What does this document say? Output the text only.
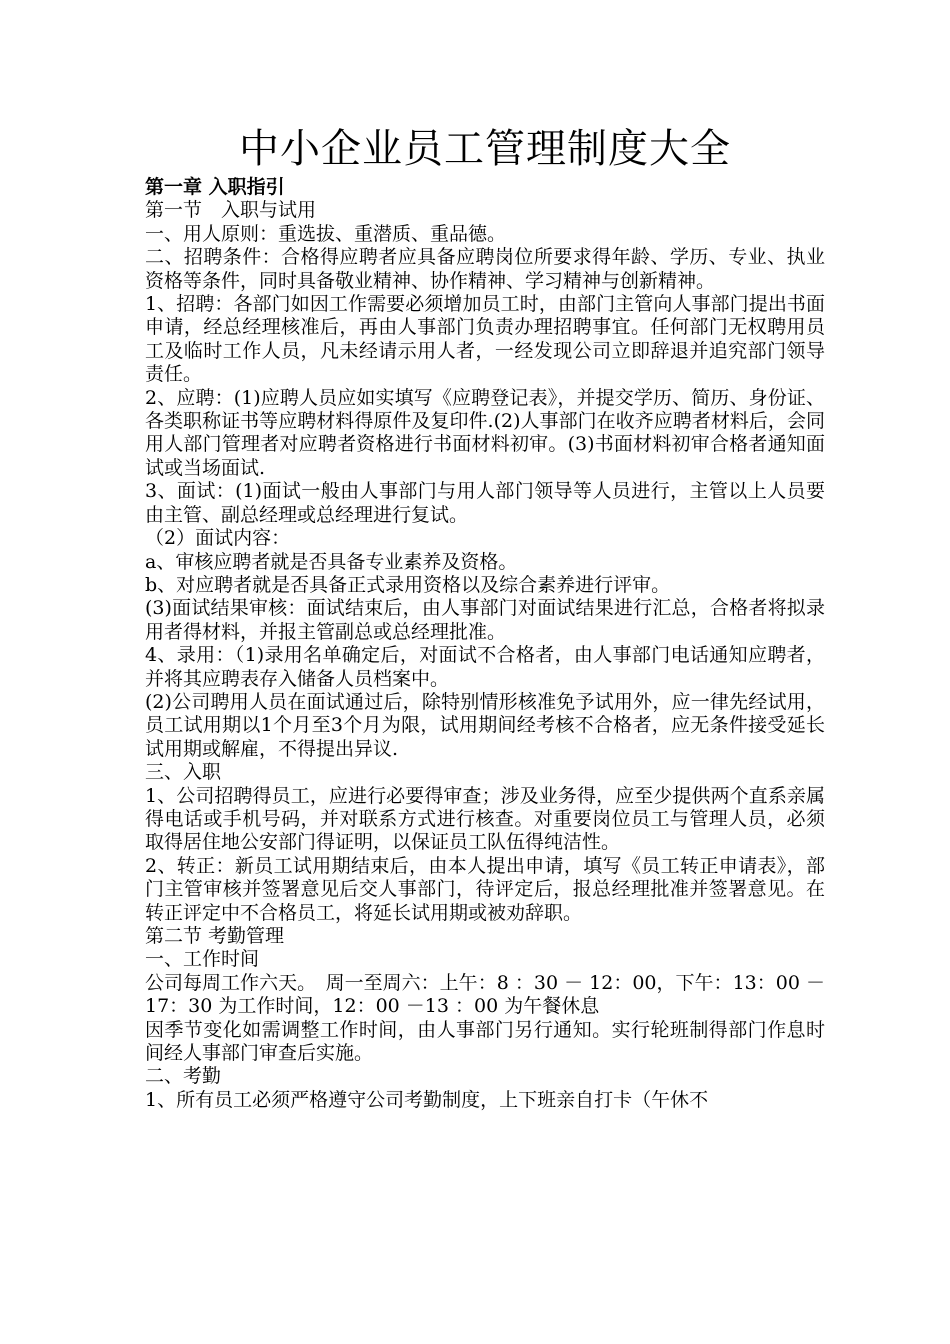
中小企业员工管理制度大全

第一章 入职指引

第一节　入职与试用

一、用人原则：重选拔、重潜质、重品德。

二、招聘条件：合格得应聘者应具备应聘岗位所要求得年龄、学历、专业、执业资格等条件，同时具备敬业精神、协作精神、学习精神与创新精神。

1、招聘：各部门如因工作需要必须增加员工时，由部门主管向人事部门提出书面申请，经总经理核准后，再由人事部门负责办理招聘事宜。任何部门无权聘用员工及临时工作人员，凡未经请示用人者，一经发现公司立即辞退并追究部门领导责任。

2、应聘：(1)应聘人员应如实填写《应聘登记表》，并提交学历、简历、身份证、各类职称证书等应聘材料得原件及复印件.(2)人事部门在收齐应聘者材料后，会同用人部门管理者对应聘者资格进行书面材料初审。(3)书面材料初审合格者通知面试或当场面试.

3、面试：(1)面试一般由人事部门与用人部门领导等人员进行，主管以上人员要由主管、副总经理或总经理进行复试。

（2）面试内容：

a、审核应聘者就是否具备专业素养及资格。

b、对应聘者就是否具备正式录用资格以及综合素养进行评审。

(3)面试结果审核：面试结束后，由人事部门对面试结果进行汇总，合格者将拟录用者得材料，并报主管副总或总经理批准。

4、录用：（1)录用名单确定后，对面试不合格者，由人事部门电话通知应聘者，并将其应聘表存入储备人员档案中。

(2)公司聘用人员在面试通过后，除特别情形核准免予试用外，应一律先经试用，员工试用期以1个月至3个月为限，试用期间经考核不合格者，应无条件接受延长试用期或解雇，不得提出异议.

三、入职

1、公司招聘得员工，应进行必要得审查；涉及业务得，应至少提供两个直系亲属得电话或手机号码，并对联系方式进行核查。对重要岗位员工与管理人员，必须取得居住地公安部门得证明，以保证员工队伍得纯洁性。

2、转正：新员工试用期结束后，由本人提出申请，填写《员工转正申请表》，部门主管审核并签署意见后交人事部门，待评定后，报总经理批准并签署意见。在转正评定中不合格员工，将延长试用期或被劝辞职。

第二节 考勤管理

一、工作时间

公司每周工作六天。　周一至周六：上午：8 ：30 － 12：00，下午：13：00 － 17：30 为工作时间，12：00 －13 ：00 为午餐休息

因季节变化如需调整工作时间，由人事部门另行通知。实行轮班制得部门作息时间经人事部门审查后实施。

二、考勤

1、所有员工必须严格遵守公司考勤制度，上下班亲自打卡（午休不
